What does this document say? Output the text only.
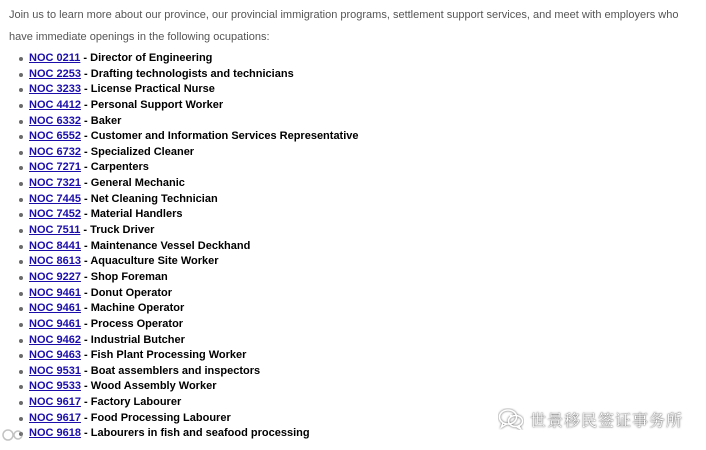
Join us to learn more about our province, our provincial immigration programs, settlement support services, and meet with employers who have immediate openings in the following ocupations:

NOC 0211 - Director of Engineering
NOC 2253 - Drafting technologists and technicians
NOC 3233 - License Practical Nurse
NOC 4412 - Personal Support Worker
NOC 6332 - Baker
NOC 6552 - Customer and Information Services Representative
NOC 6732 - Specialized Cleaner
NOC 7271 - Carpenters
NOC 7321 - General Mechanic
NOC 7445 - Net Cleaning Technician
NOC 7452 - Material Handlers
NOC 7511 - Truck Driver
NOC 8441 - Maintenance Vessel Deckhand
NOC 8613 - Aquaculture Site Worker
NOC 9227 - Shop Foreman
NOC 9461 - Donut Operator
NOC 9461 - Machine Operator
NOC 9461 - Process Operator
NOC 9462 - Industrial Butcher
NOC 9463 - Fish Plant Processing Worker
NOC 9531 - Boat assemblers and inspectors
NOC 9533 - Wood Assembly Worker
NOC 9617 - Factory Labourer
NOC 9617 - Food Processing Labourer
NOC 9618 - Labourers in fish and seafood processing
世景移民签证事务所
